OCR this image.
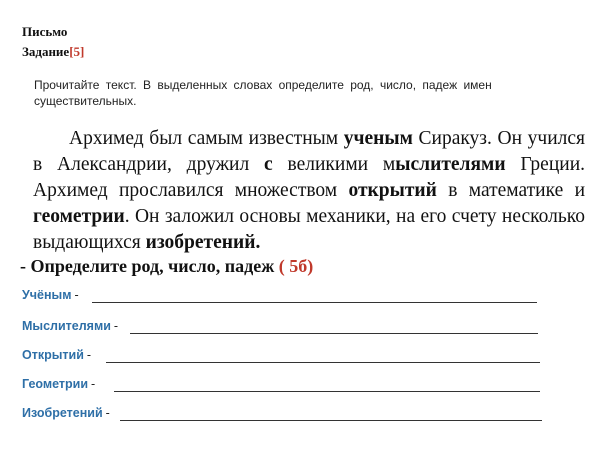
Письмо
Задание[5]
Прочитайте текст. В выделенных словах определите род, число, падеж имен существительных.
Архимед был самым известным ученым Сиракуз. Он учился в Александрии, дружил с великими мыслителями Греции. Архимед прославился множеством открытий в математике и геометрии. Он заложил основы механики, на его счету несколько выдающихся изобретений.
- Определите род, число, падеж ( 5б)
Учёным -
Мыслителями -
Открытий -
Геометрии -
Изобретений -
